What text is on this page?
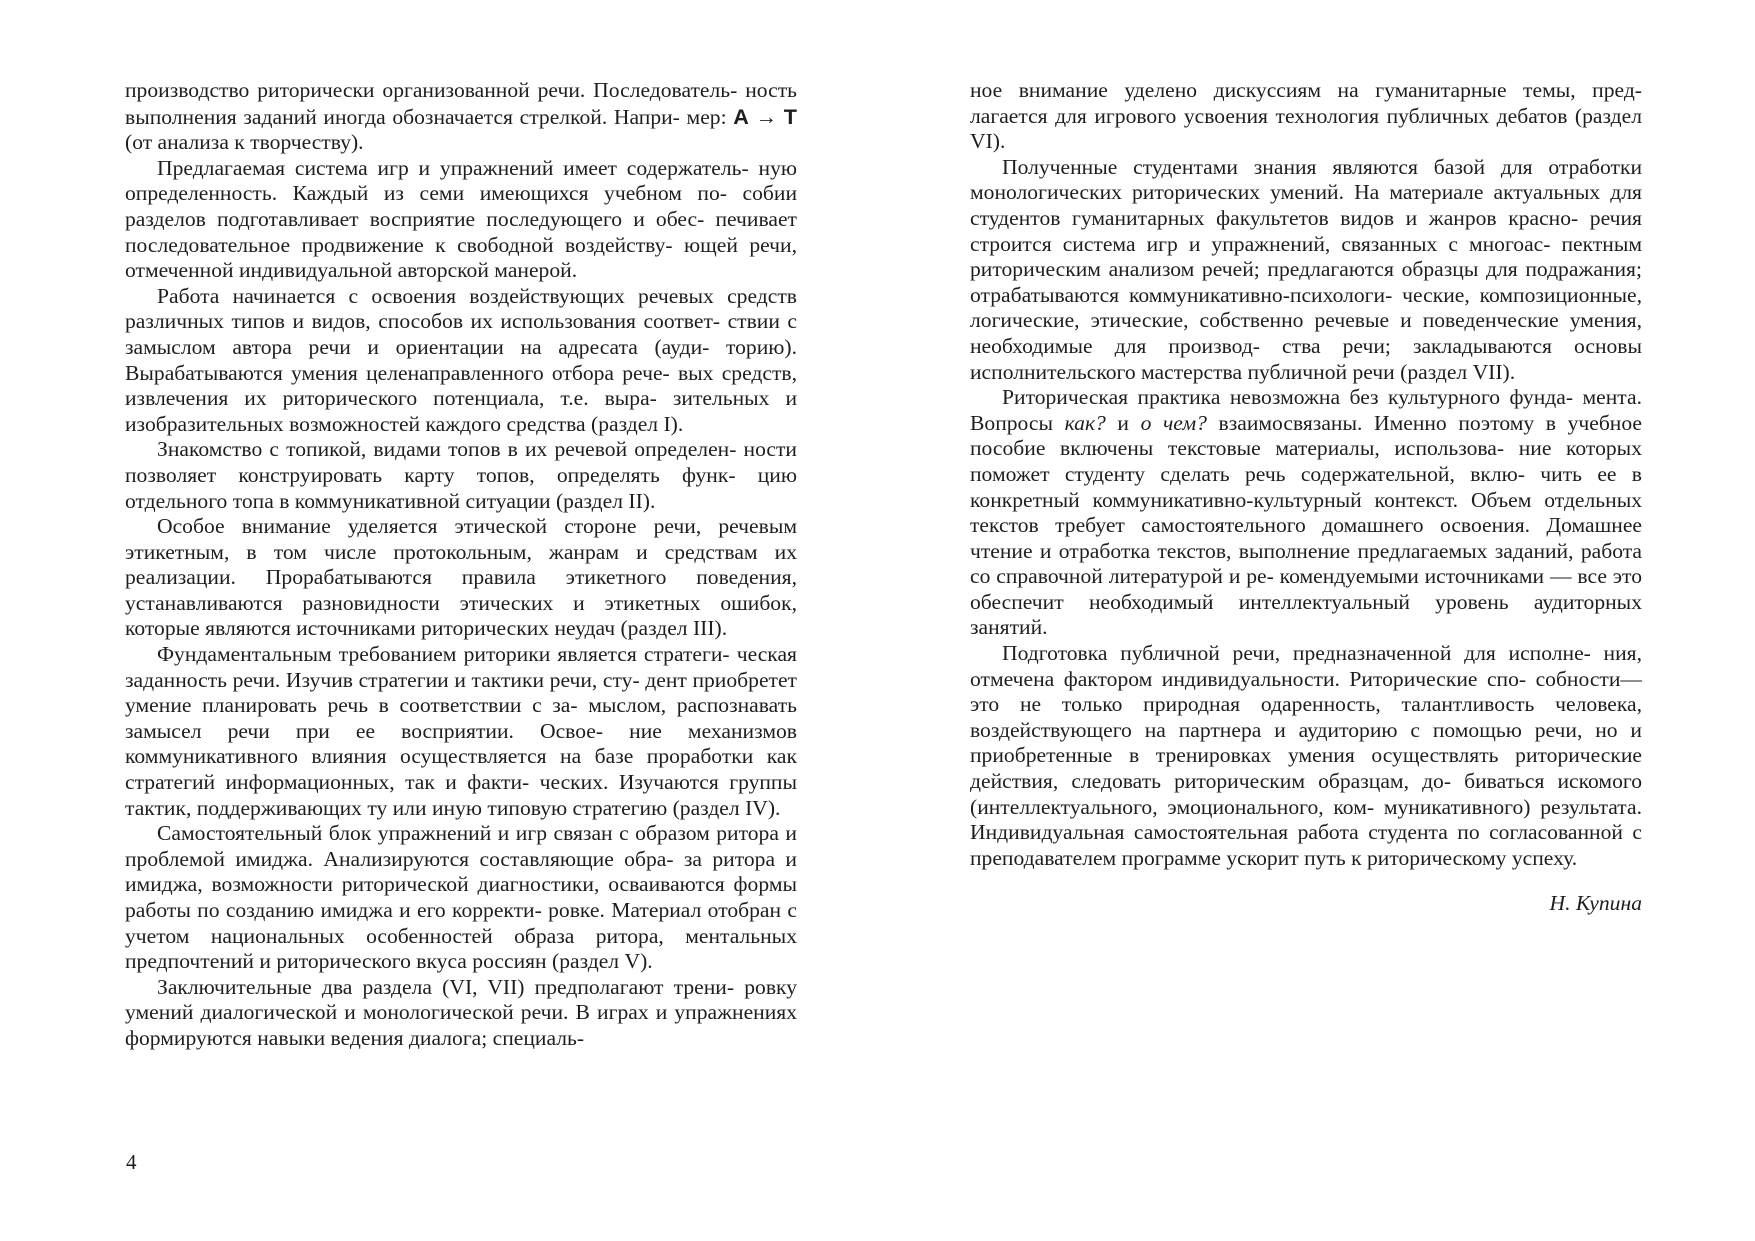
производство риторически организованной речи. Последователь- ность выполнения заданий иногда обозначается стрелкой. Напри- мер: А → Т (от анализа к творчеству).

Предлагаемая система игр и упражнений имеет содержатель- ную определенность. Каждый из семи имеющихся учебном по- собии разделов подготавливает восприятие последующего и обес- печивает последовательное продвижение к свободной воздейству- ющей речи, отмеченной индивидуальной авторской манерой.

Работа начинается с освоения воздействующих речевых средств различных типов и видов, способов их использования соответ- ствии с замыслом автора речи и ориентации на адресата (ауди- торию). Вырабатываются умения целенаправленного отбора рече- вых средств, извлечения их риторического потенциала, т.е. выра- зительных и изобразительных возможностей каждого средства (раздел I).

Знакомство с топикой, видами топов в их речевой определен- ности позволяет конструировать карту топов, определять функ- цию отдельного топа в коммуникативной ситуации (раздел II).

Особое внимание уделяется этической стороне речи, речевым этикетным, в том числе протокольным, жанрам и средствам их реализации. Прорабатываются правила этикетного поведения, устанавливаются разновидности этических и этикетных ошибок, которые являются источниками риторических неудач (раздел III).

Фундаментальным требованием риторики является стратеги- ческая заданность речи. Изучив стратегии и тактики речи, сту- дент приобретет умение планировать речь в соответствии с за- мыслом, распознавать замысел речи при ее восприятии. Освое- ние механизмов коммуникативного влияния осуществляется на базе проработки как стратегий информационных, так и факти- ческих. Изучаются группы тактик, поддерживающих ту или иную типовую стратегию (раздел IV).

Самостоятельный блок упражнений и игр связан с образом ритора и проблемой имиджа. Анализируются составляющие обра- за ритора и имиджа, возможности риторической диагностики, осваиваются формы работы по созданию имиджа и его корректи- ровке. Материал отобран с учетом национальных особенностей образа ритора, ментальных предпочтений и риторического вкуса россиян (раздел V).

Заключительные два раздела (VI, VII) предполагают трени- ровку умений диалогической и монологической речи. В играх и упражнениях формируются навыки ведения диалога; специаль-

ное внимание уделено дискуссиям на гуманитарные темы, пред- лагается для игрового усвоения технология публичных дебатов (раздел VI).

Полученные студентами знания являются базой для отработки монологических риторических умений. На материале актуальных для студентов гуманитарных факультетов видов и жанров красно- речия строится система игр и упражнений, связанных с многоас- пектным риторическим анализом речей; предлагаются образцы для подражания; отрабатываются коммуникативно-психологи- ческие, композиционные, логические, этические, собственно речевые и поведенческие умения, необходимые для производ- ства речи; закладываются основы исполнительского мастерства публичной речи (раздел VII).

Риторическая практика невозможна без культурного фунда- мента. Вопросы как? и о чем? взаимосвязаны. Именно поэтому в учебное пособие включены текстовые материалы, использова- ние которых поможет студенту сделать речь содержательной, вклю- чить ее в конкретный коммуникативно-культурный контекст. Объем отдельных текстов требует самостоятельного домашнего освоения. Домашнее чтение и отработка текстов, выполнение предлагаемых заданий, работа со справочной литературой и ре- комендуемыми источниками — все это обеспечит необходимый интеллектуальный уровень аудиторных занятий.

Подготовка публичной речи, предназначенной для исполне- ния, отмечена фактором индивидуальности. Риторические спо- собности— это не только природная одаренность, талантливость человека, воздействующего на партнера и аудиторию с помощью речи, но и приобретенные в тренировках умения осуществлять риторические действия, следовать риторическим образцам, до- биваться искомого (интеллектуального, эмоционального, ком- муникативного) результата. Индивидуальная самостоятельная работа студента по согласованной с преподавателем программе ускорит путь к риторическому успеху.

Н. Купина

4
